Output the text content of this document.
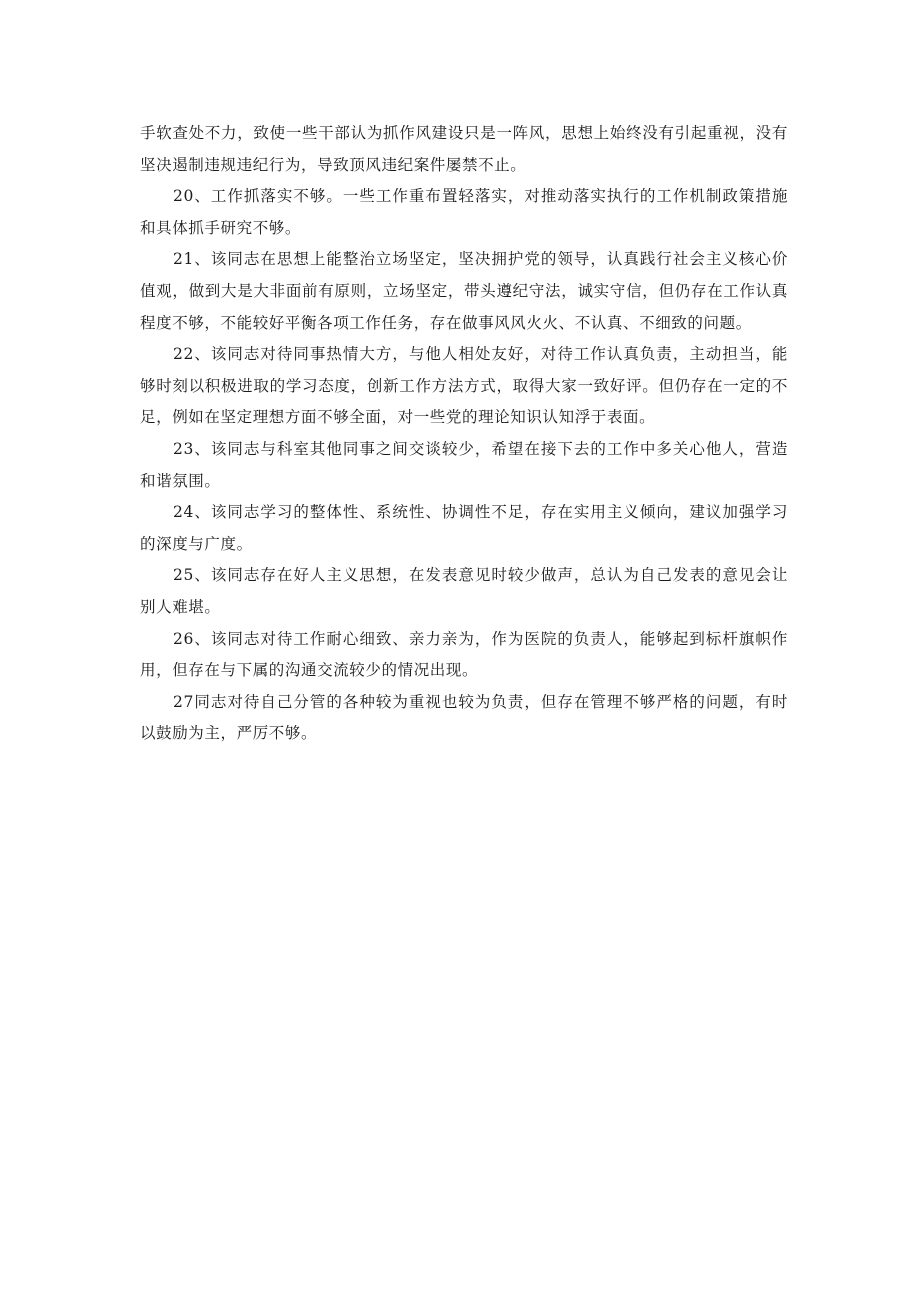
手软查处不力，致使一些干部认为抓作风建设只是一阵风，思想上始终没有引起重视，没有坚决遏制违规违纪行为，导致顶风违纪案件屡禁不止。

20、工作抓落实不够。一些工作重布置轻落实，对推动落实执行的工作机制政策措施和具体抓手研究不够。

21、该同志在思想上能整治立场坚定，坚决拥护党的领导，认真践行社会主义核心价值观，做到大是大非面前有原则，立场坚定，带头遵纪守法，诚实守信，但仍存在工作认真程度不够，不能较好平衡各项工作任务，存在做事风风火火、不认真、不细致的问题。

22、该同志对待同事热情大方，与他人相处友好，对待工作认真负责，主动担当，能够时刻以积极进取的学习态度，创新工作方法方式，取得大家一致好评。但仍存在一定的不足，例如在坚定理想方面不够全面，对一些党的理论知识认知浮于表面。

23、该同志与科室其他同事之间交谈较少，希望在接下去的工作中多关心他人，营造和谐氛围。

24、该同志学习的整体性、系统性、协调性不足，存在实用主义倾向，建议加强学习的深度与广度。

25、该同志存在好人主义思想，在发表意见时较少做声，总认为自己发表的意见会让别人难堪。

26、该同志对待工作耐心细致、亲力亲为，作为医院的负责人，能够起到标杆旗帜作用，但存在与下属的沟通交流较少的情况出现。

27同志对待自己分管的各种较为重视也较为负责，但存在管理不够严格的问题，有时以鼓励为主，严厉不够。
